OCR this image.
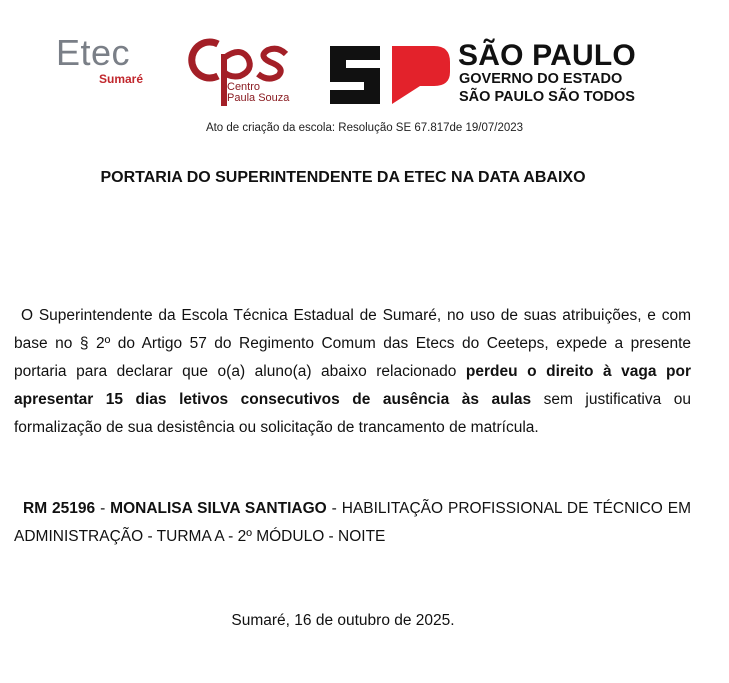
Etec
Sumaré
Centro
Paula Souza
SÃO PAULO
GOVERNO DO ESTADO
SÃO PAULO SÃO TODOS
Ato de criação da escola: Resolução SE 67.817de 19/07/2023
PORTARIA DO SUPERINTENDENTE DA ETEC NA DATA ABAIXO

O Superintendente da Escola Técnica Estadual de Sumaré, no uso de suas atribuições, e com base no § 2º do Artigo 57 do Regimento Comum das Etecs do Ceeteps, expede a presente portaria para declarar que o(a) aluno(a) abaixo relacionado perdeu o direito à vaga por apresentar 15 dias letivos consecutivos de ausência às aulas sem justificativa ou formalização de sua desistência ou solicitação de trancamento de matrícula.

RM 25196 - MONALISA SILVA SANTIAGO - HABILITAÇÃO PROFISSIONAL DE TÉCNICO EM ADMINISTRAÇÃO - TURMA A - 2º MÓDULO - NOITE

Sumaré, 16 de outubro de 2025.
